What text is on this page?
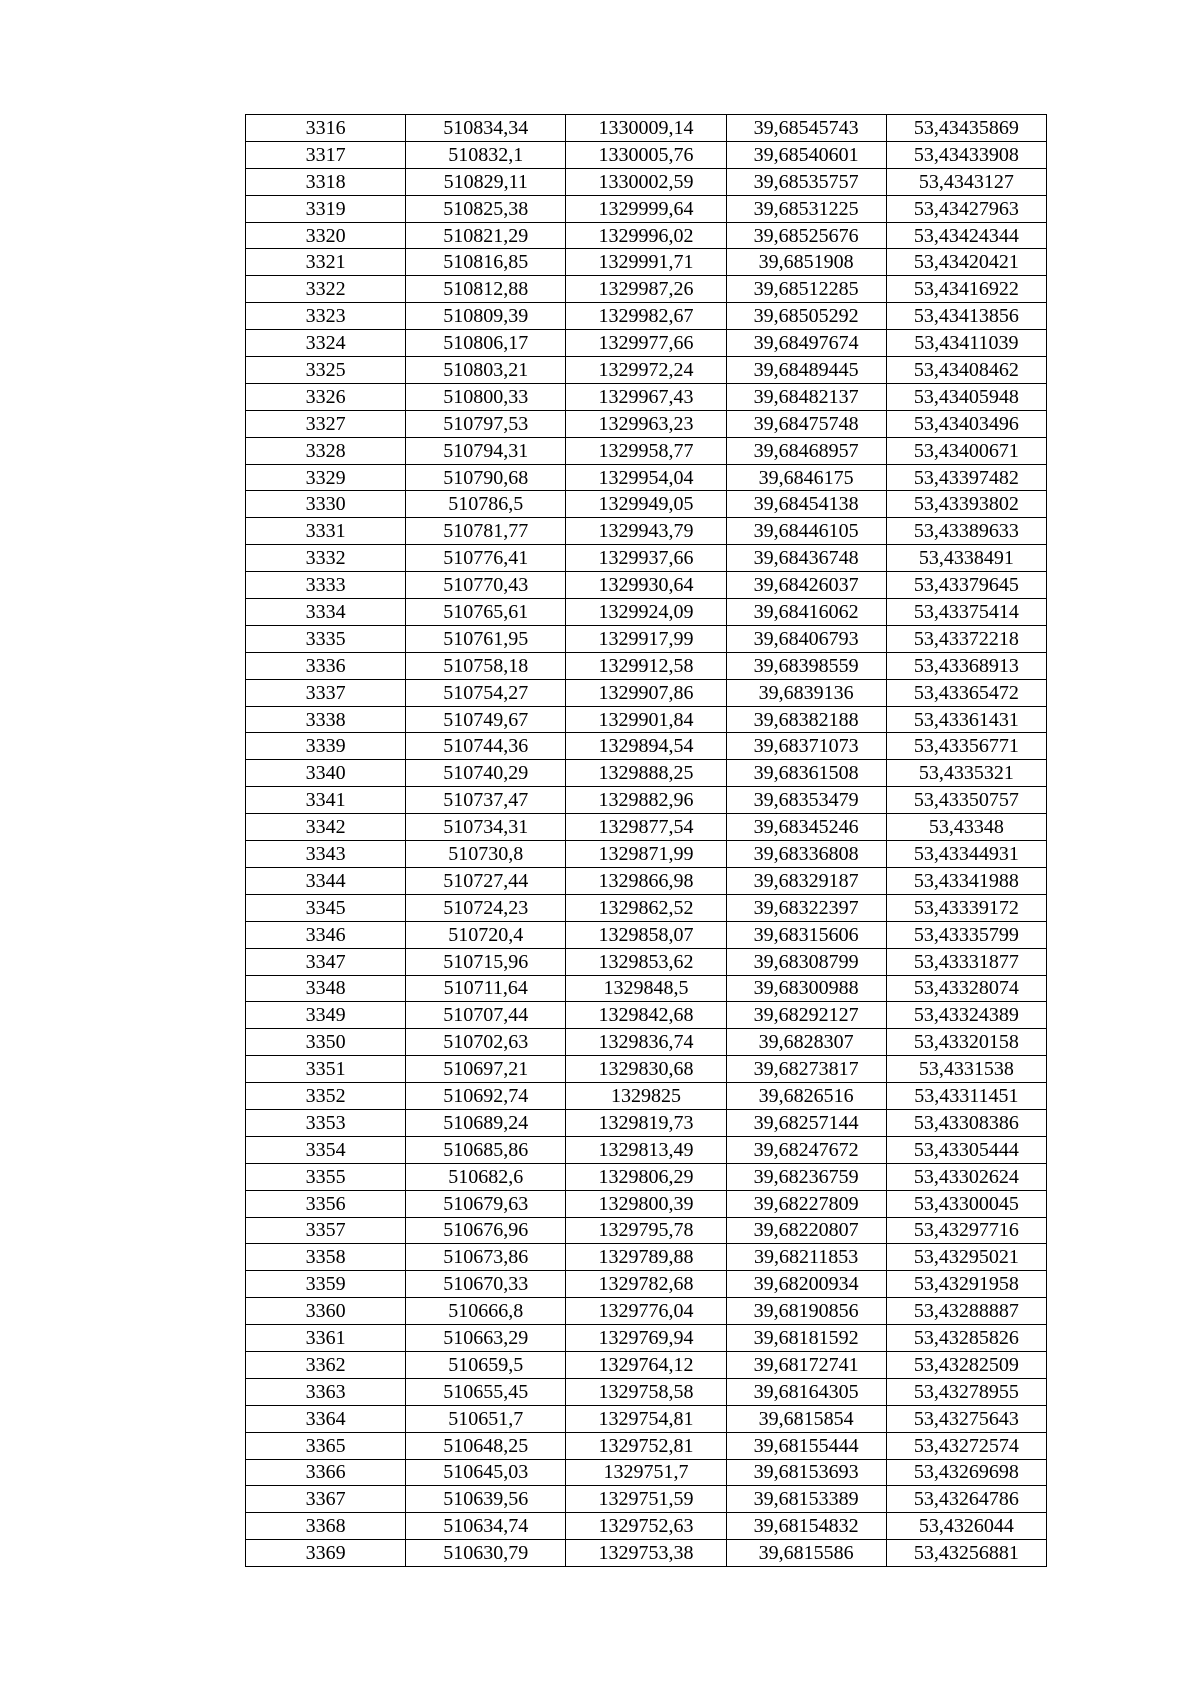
3316	510834,34	1330009,14	39,68545743	53,43435869
3317	510832,1	1330005,76	39,68540601	53,43433908
3318	510829,11	1330002,59	39,68535757	53,4343127
3319	510825,38	1329999,64	39,68531225	53,43427963
3320	510821,29	1329996,02	39,68525676	53,43424344
3321	510816,85	1329991,71	39,6851908	53,43420421
3322	510812,88	1329987,26	39,68512285	53,43416922
3323	510809,39	1329982,67	39,68505292	53,43413856
3324	510806,17	1329977,66	39,68497674	53,43411039
3325	510803,21	1329972,24	39,68489445	53,43408462
3326	510800,33	1329967,43	39,68482137	53,43405948
3327	510797,53	1329963,23	39,68475748	53,43403496
3328	510794,31	1329958,77	39,68468957	53,43400671
3329	510790,68	1329954,04	39,6846175	53,43397482
3330	510786,5	1329949,05	39,68454138	53,43393802
3331	510781,77	1329943,79	39,68446105	53,43389633
3332	510776,41	1329937,66	39,68436748	53,4338491
3333	510770,43	1329930,64	39,68426037	53,43379645
3334	510765,61	1329924,09	39,68416062	53,43375414
3335	510761,95	1329917,99	39,68406793	53,43372218
3336	510758,18	1329912,58	39,68398559	53,43368913
3337	510754,27	1329907,86	39,6839136	53,43365472
3338	510749,67	1329901,84	39,68382188	53,43361431
3339	510744,36	1329894,54	39,68371073	53,43356771
3340	510740,29	1329888,25	39,68361508	53,4335321
3341	510737,47	1329882,96	39,68353479	53,43350757
3342	510734,31	1329877,54	39,68345246	53,43348
3343	510730,8	1329871,99	39,68336808	53,43344931
3344	510727,44	1329866,98	39,68329187	53,43341988
3345	510724,23	1329862,52	39,68322397	53,43339172
3346	510720,4	1329858,07	39,68315606	53,43335799
3347	510715,96	1329853,62	39,68308799	53,43331877
3348	510711,64	1329848,5	39,68300988	53,43328074
3349	510707,44	1329842,68	39,68292127	53,43324389
3350	510702,63	1329836,74	39,6828307	53,43320158
3351	510697,21	1329830,68	39,68273817	53,4331538
3352	510692,74	1329825	39,6826516	53,43311451
3353	510689,24	1329819,73	39,68257144	53,43308386
3354	510685,86	1329813,49	39,68247672	53,43305444
3355	510682,6	1329806,29	39,68236759	53,43302624
3356	510679,63	1329800,39	39,68227809	53,43300045
3357	510676,96	1329795,78	39,68220807	53,43297716
3358	510673,86	1329789,88	39,68211853	53,43295021
3359	510670,33	1329782,68	39,68200934	53,43291958
3360	510666,8	1329776,04	39,68190856	53,43288887
3361	510663,29	1329769,94	39,68181592	53,43285826
3362	510659,5	1329764,12	39,68172741	53,43282509
3363	510655,45	1329758,58	39,68164305	53,43278955
3364	510651,7	1329754,81	39,6815854	53,43275643
3365	510648,25	1329752,81	39,68155444	53,43272574
3366	510645,03	1329751,7	39,68153693	53,43269698
3367	510639,56	1329751,59	39,68153389	53,43264786
3368	510634,74	1329752,63	39,68154832	53,4326044
3369	510630,79	1329753,38	39,6815586	53,43256881
